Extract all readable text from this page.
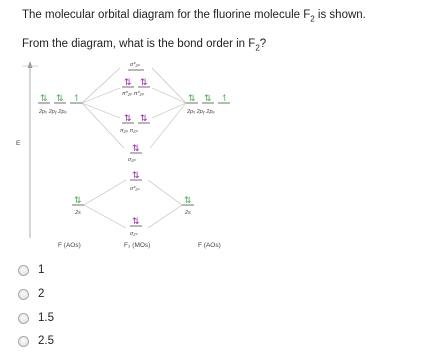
The molecular orbital diagram for the fluorine molecule $F_2$ is shown.
From the diagram, what is the bond order in $F_2$?
E
⇅ ⇅ ↿
2pₓ 2pᵧ 2pₔ
⇅ ⇅ ↿
2pₓ 2pᵧ 2pₔ
σ*₂ₚ
⇅ ⇅
π*₂ₚ π*₂ₚ
⇅ ⇅
π₂ₚ π₂ₚ
⇅
σ₂ₚ
⇅
2s
⇅
2s
⇅
σ*₂ₛ
⇅
σ₂ₛ
F (AOs)	F₂ (MOs)	F (AOs)
1
2
1.5
2.5
